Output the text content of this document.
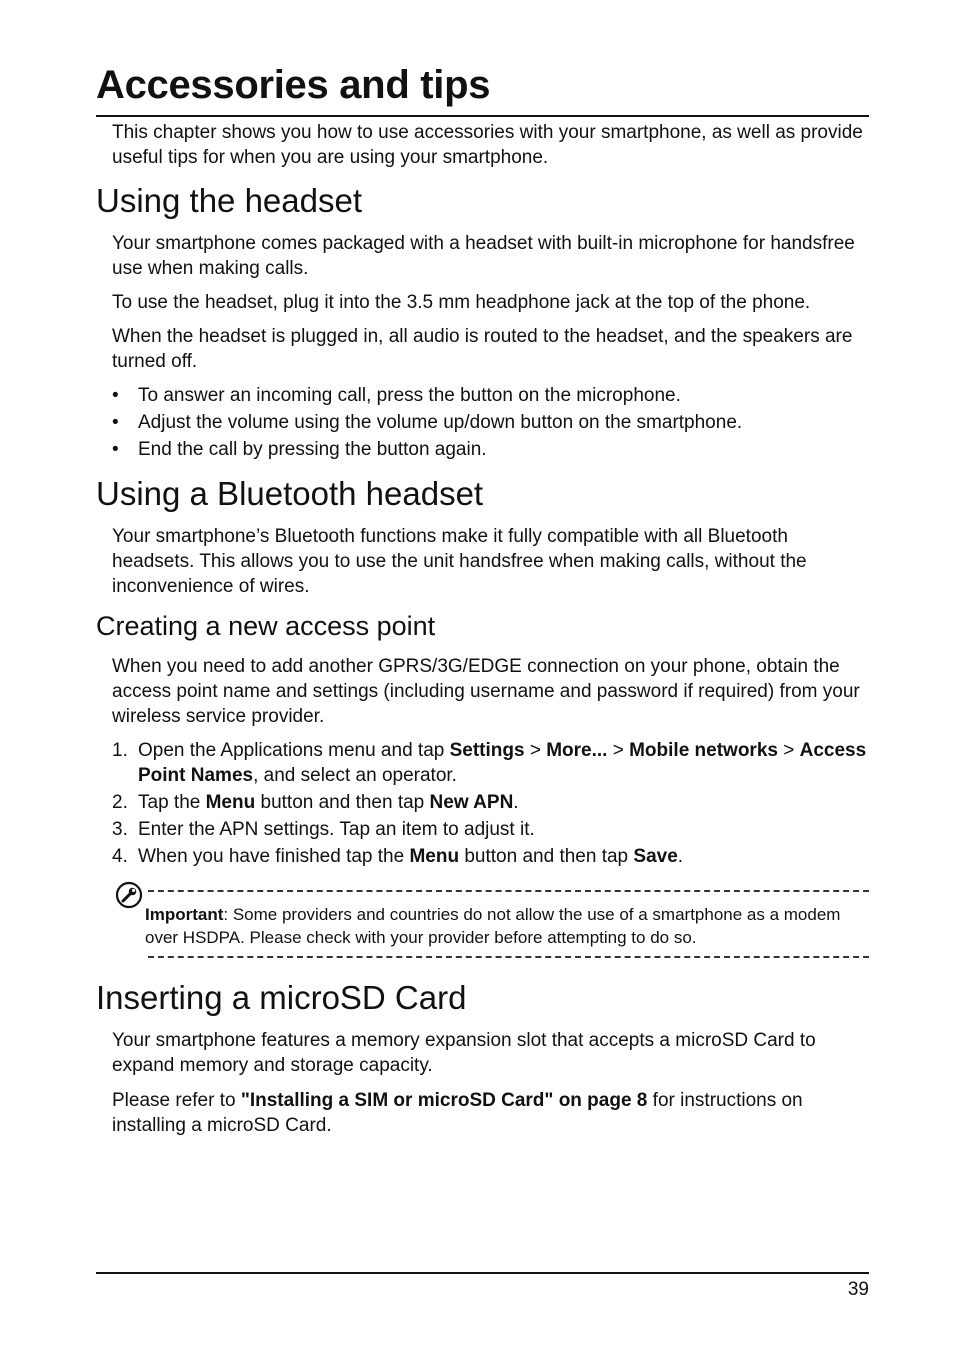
Accessories and tips

This chapter shows you how to use accessories with your smartphone, as well as provide useful tips for when you are using your smartphone.

Using the headset

Your smartphone comes packaged with a headset with built-in microphone for handsfree use when making calls.

To use the headset, plug it into the 3.5 mm headphone jack at the top of the phone.

When the headset is plugged in, all audio is routed to the headset, and the speakers are turned off.

• To answer an incoming call, press the button on the microphone.
• Adjust the volume using the volume up/down button on the smartphone.
• End the call by pressing the button again.
Using a Bluetooth headset

Your smartphone’s Bluetooth functions make it fully compatible with all Bluetooth headsets. This allows you to use the unit handsfree when making calls, without the inconvenience of wires.

Creating a new access point

When you need to add another GPRS/3G/EDGE connection on your phone, obtain the access point name and settings (including username and password if required) from your wireless service provider.

1. Open the Applications menu and tap Settings > More... > Mobile networks > Access Point Names, and select an operator.
2. Tap the Menu button and then tap New APN.
3. Enter the APN settings. Tap an item to adjust it.
4. When you have finished tap the Menu button and then tap Save.

Important: Some providers and countries do not allow the use of a smartphone as a modem over HSDPA. Please check with your provider before attempting to do so.

Inserting a microSD Card

Your smartphone features a memory expansion slot that accepts a microSD Card to expand memory and storage capacity.

Please refer to "Installing a SIM or microSD Card" on page 8 for instructions on installing a microSD Card.

39
